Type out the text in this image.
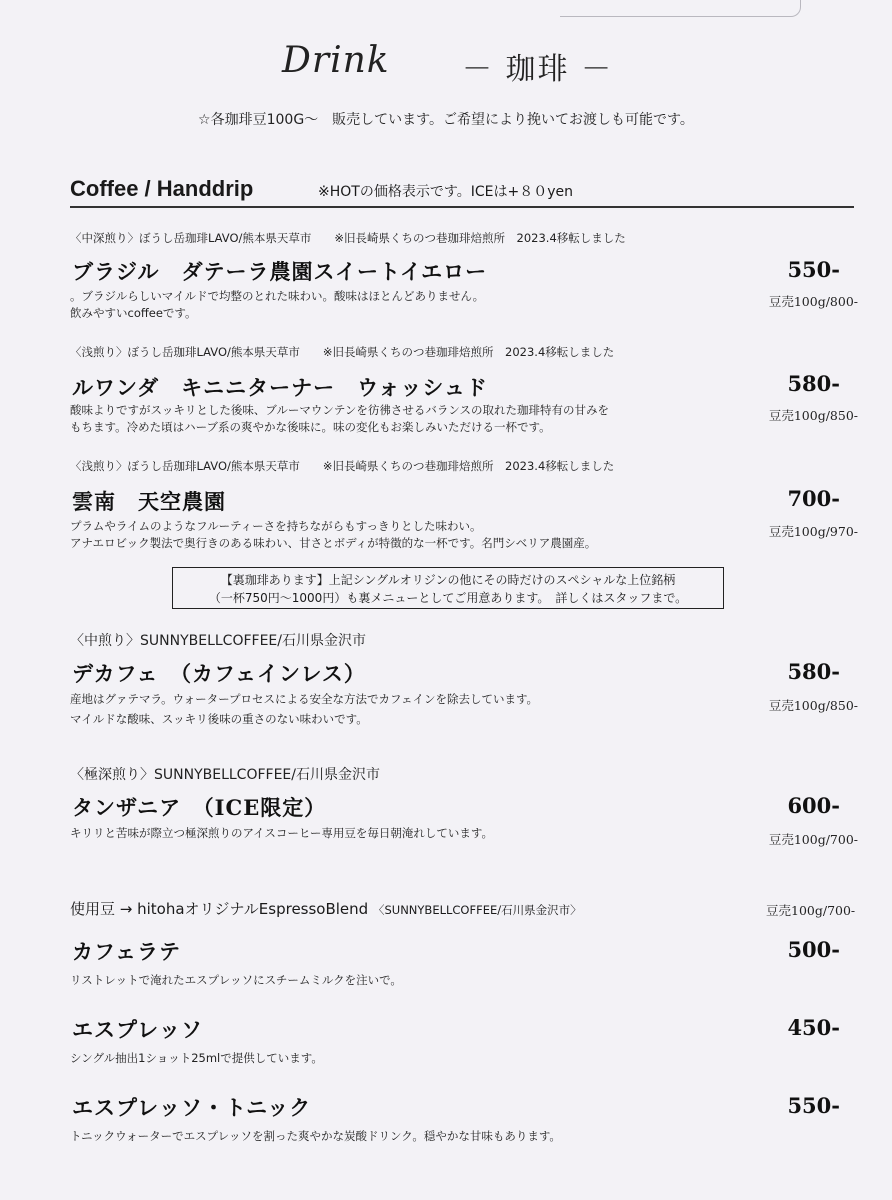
Drink － 珈琲 －
☆各珈琲豆100G～　販売しています。ご希望により挽いてお渡しも可能です。
Coffee / Handdrip	※HOTの価格表示です。ICEは+８０yen
〈中深煎り〉ぼうし岳珈琲LAVO/熊本県天草市　　※旧長崎県くちのつ巷珈琲焙煎所　2023.4移転しました
ブラジル　ダテーラ農園スイートイエロー
。ブラジルらしいマイルドで均整のとれた味わい。酸味はほとんどありません。
飲みやすいcoffeeです。
550-
豆売100g/800-
〈浅煎り〉ぼうし岳珈琲LAVO/熊本県天草市　　※旧長崎県くちのつ巷珈琲焙煎所　2023.4移転しました
ルワンダ　キニニターナー　ウォッシュド
酸味よりですがスッキリとした後味、ブルーマウンテンを彷彿させるバランスの取れた珈琲特有の甘みを
もちます。冷めた頃はハーブ系の爽やかな後味に。味の変化もお楽しみいただける一杯です。
580-
豆売100g/850-
〈浅煎り〉ぼうし岳珈琲LAVO/熊本県天草市　　※旧長崎県くちのつ巷珈琲焙煎所　2023.4移転しました
雲南　天空農園
プラムやライムのようなフルーティーさを持ちながらもすっきりとした味わい。
アナエロビック製法で奥行きのある味わい、甘さとボディが特徴的な一杯です。名門シベリア農園産。
700-
豆売100g/970-
【裏珈琲あります】上記シングルオリジンの他にその時だけのスペシャルな上位銘柄
（一杯750円～1000円）も裏メニューとしてご用意あります。　詳しくはスタッフまで。
〈中煎り〉SUNNYBELLCOFFEE/石川県金沢市
デカフェ　（カフェインレス）
産地はグァテマラ。ウォータープロセスによる安全な方法でカフェインを除去しています。
マイルドな酸味、スッキリ後味の重さのない味わいです。
580-
豆売100g/850-
〈極深煎り〉SUNNYBELLCOFFEE/石川県金沢市
タンザニア　（ICE限定）
キリリと苦味が際立つ極深煎りのアイスコーヒー専用豆を毎日朝淹れしています。
600-
豆売100g/700-
使用豆 → hitohaオリジナルEspressoBlend 〈SUNNYBELLCOFFEE/石川県金沢市〉	豆売100g/700-
カフェラテ
リストレットで淹れたエスプレッソにスチームミルクを注いで。
500-
エスプレッソ
シングル抽出1ショット25mlで提供しています。
450-
エスプレッソ・トニック
トニックウォーターでエスプレッソを割った爽やかな炭酸ドリンク。穏やかな甘味もあります。
550-
